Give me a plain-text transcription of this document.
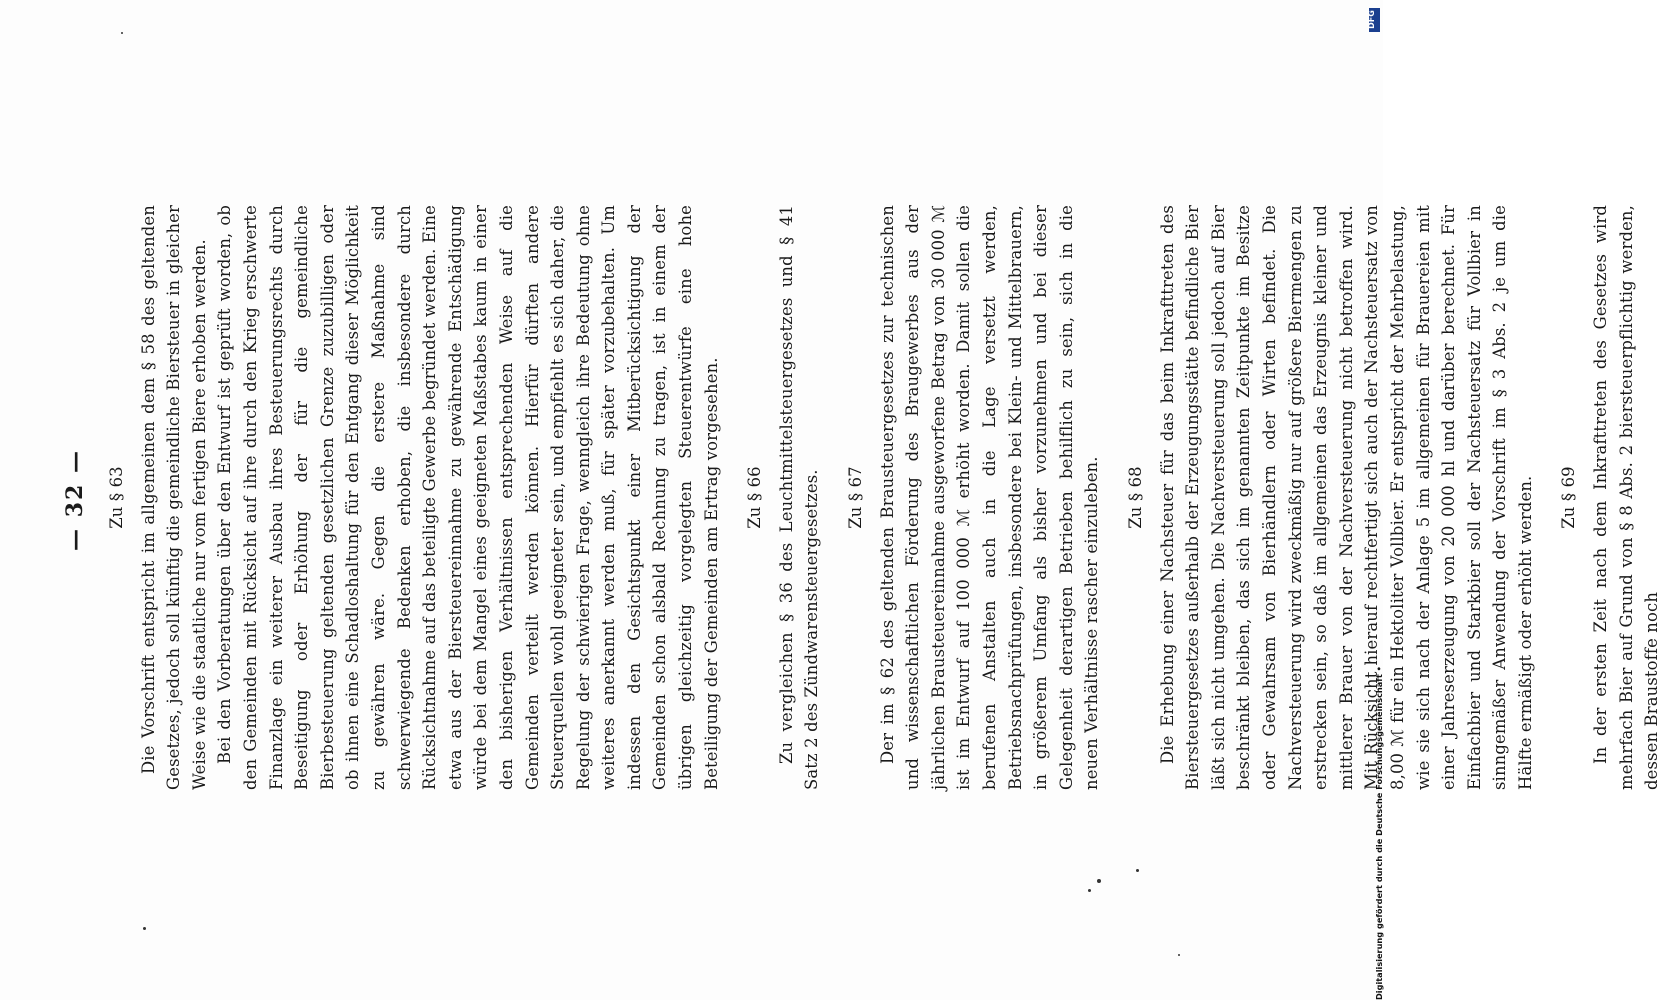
— 32 — Zu § 63 Die Vorschrift entspricht im allgemeinen dem § 58 des geltenden Gesetzes, jedoch soll künftig die gemeindliche Biersteuer in gleicher Weise wie die staatliche nur vom fertigen Biere erhoben werden. Bei den Vorberatungen über den Entwurf ist geprüft worden, ob den Gemeinden mit Rücksicht auf ihre durch den Krieg erschwerte Finanzlage ein weiterer Ausbau ihres Besteuerungsrechts durch Beseitigung oder Erhöhung der für die gemeindliche Bierbesteuerung geltenden gesetzlichen Grenze zuzubilligen oder ob ihnen eine Schadloshaltung für den Entgang dieser Möglichkeit zu gewähren wäre. Gegen die erstere Maßnahme sind schwerwiegende Bedenken erhoben, die insbesondere durch Rücksichtnahme auf das beteiligte Gewerbe begründet werden. Eine etwa aus der Biersteuereinnahme zu gewährende Entschädigung würde bei dem Mangel eines geeigneten Maßstabes kaum in einer den bisherigen Verhältnissen entsprechenden Weise auf die Gemeinden verteilt werden können. Hierfür dürften andere Steuerquellen wohl geeigneter sein, und empfiehlt es sich daher, die Regelung der schwierigen Frage, wenngleich ihre Bedeutung ohne weiteres anerkannt werden muß, für später vorzubehalten. Um indessen den Gesichtspunkt einer Mitberücksichtigung der Gemeinden schon alsbald Rechnung zu tragen, ist in einem der übrigen gleichzeitig vorgelegten Steuerentwürfe eine hohe Beteiligung der Gemeinden am Ertrag vorgesehen. Zu § 66 Zu vergleichen § 36 des Leuchtmittelsteuergesetzes und § 41 Satz 2 des Zündwarensteuergesetzes. Zu § 67 Der im § 62 des geltenden Brausteuergesetzes zur technischen und wissenschaftlichen Förderung des Braugewerbes aus der jährlichen Brausteuereinnahme ausgeworfene Betrag von 30 000 ℳ ist im Entwurf auf 100 000 ℳ erhöht worden. Damit sollen die berufenen Anstalten auch in die Lage versetzt werden, Betriebsnachprüfungen, insbesondere bei Klein- und Mittelbrauern, in größerem Umfang als bisher vorzunehmen und bei dieser Gelegenheit derartigen Betrieben behilflich zu sein, sich in die neuen Verhältnisse rascher einzuleben. Zu § 68 Die Erhebung einer Nachsteuer für das beim Inkrafttreten des Biersteuergesetzes außerhalb der Erzeugungsstätte befindliche Bier läßt sich nicht umgehen. Die Nachversteuerung soll jedoch auf Bier beschränkt bleiben, das sich im genannten Zeitpunkte im Besitze oder Gewahrsam von Bierhändlern oder Wirten befindet. Die Nachversteuerung wird zweckmäßig nur auf größere Biermengen zu erstrecken sein, so daß im allgemeinen das Erzeugnis kleiner und mittlerer Brauer von der Nachversteuerung nicht betroffen wird. Mit Rücksicht hierauf rechtfertigt sich auch der Nachsteuersatz von 8,00 ℳ für ein Hektoliter Vollbier. Er entspricht der Mehrbelastung, wie sie sich nach der Anlage 5 im allgemeinen für Brauereien mit einer Jahreserzeugung von 20 000 hl und darüber berechnet. Für Einfachbier und Starkbier soll der Nachsteuersatz für Vollbier in sinngemäßer Anwendung der Vorschrift im § 3 Abs. 2 je um die Hälfte ermäßigt oder erhöht werden. Zu § 69 In der ersten Zeit nach dem Inkrafttreten des Gesetzes wird mehrfach Bier auf Grund von § 8 Abs. 2 biersteuerpflichtig werden, dessen Braustoffe noch

DFG
Digitalisierung gefördert durch die Deutsche Forschungsgemeinschaft •
